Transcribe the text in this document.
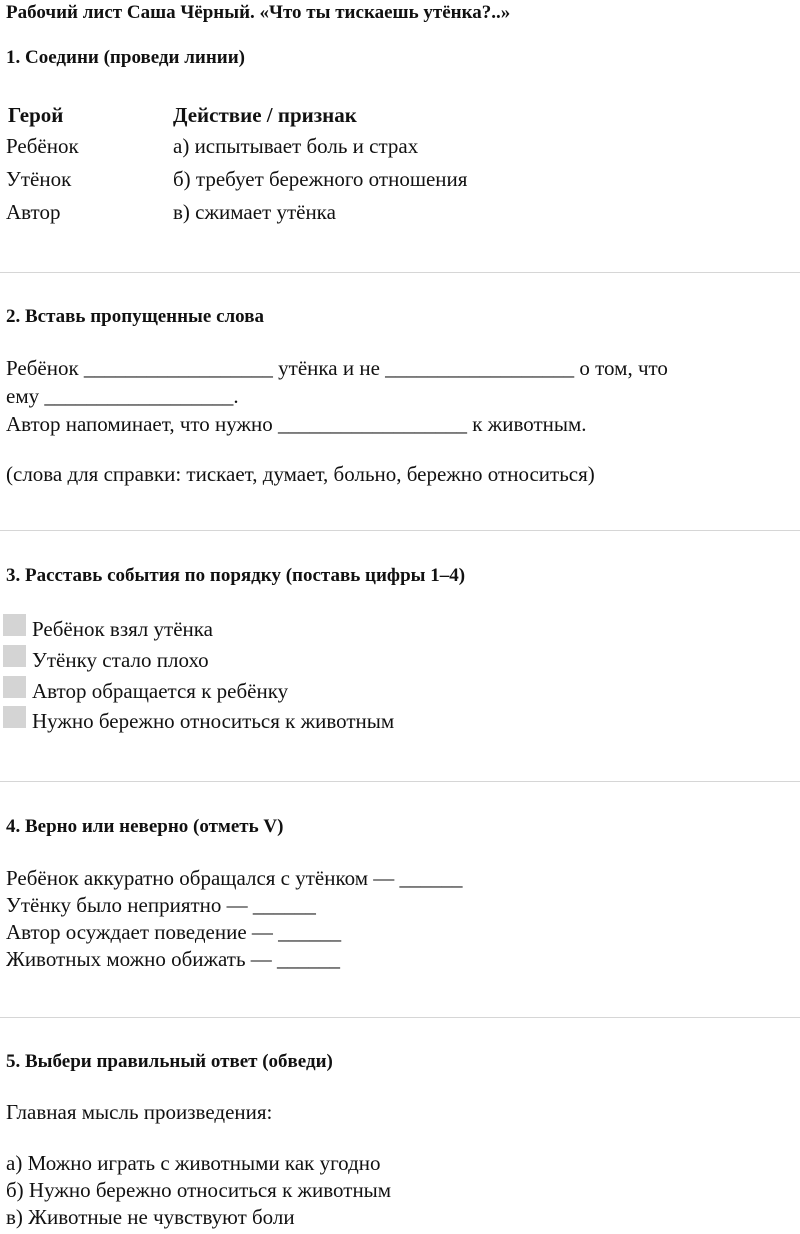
Рабочий лист Саша Чёрный. «Что ты тискаешь утёнка?..»
1. Соедини (проведи линии)
Герой	Действие / признак
Ребёнок
Утёнок
Автор
а) испытывает боль и страх
б) требует бережного отношения
в) сжимает утёнка
2. Вставь пропущенные слова
Ребёнок __________________ утёнка и не __________________ о том, что
ему __________________.
Автор напоминает, что нужно __________________ к животным.
(слова для справки: тискает, думает, больно, бережно относиться)
3. Расставь события по порядку (поставь цифры 1–4)
Ребёнок взял утёнка
Утёнку стало плохо
Автор обращается к ребёнку
Нужно бережно относиться к животным
4. Верно или неверно (отметь V)
Ребёнок аккуратно обращался с утёнком — ______
Утёнку было неприятно — ______
Автор осуждает поведение — ______
Животных можно обижать — ______
5. Выбери правильный ответ (обведи)
Главная мысль произведения:
а) Можно играть с животными как угодно
б) Нужно бережно относиться к животным
в) Животные не чувствуют боли
